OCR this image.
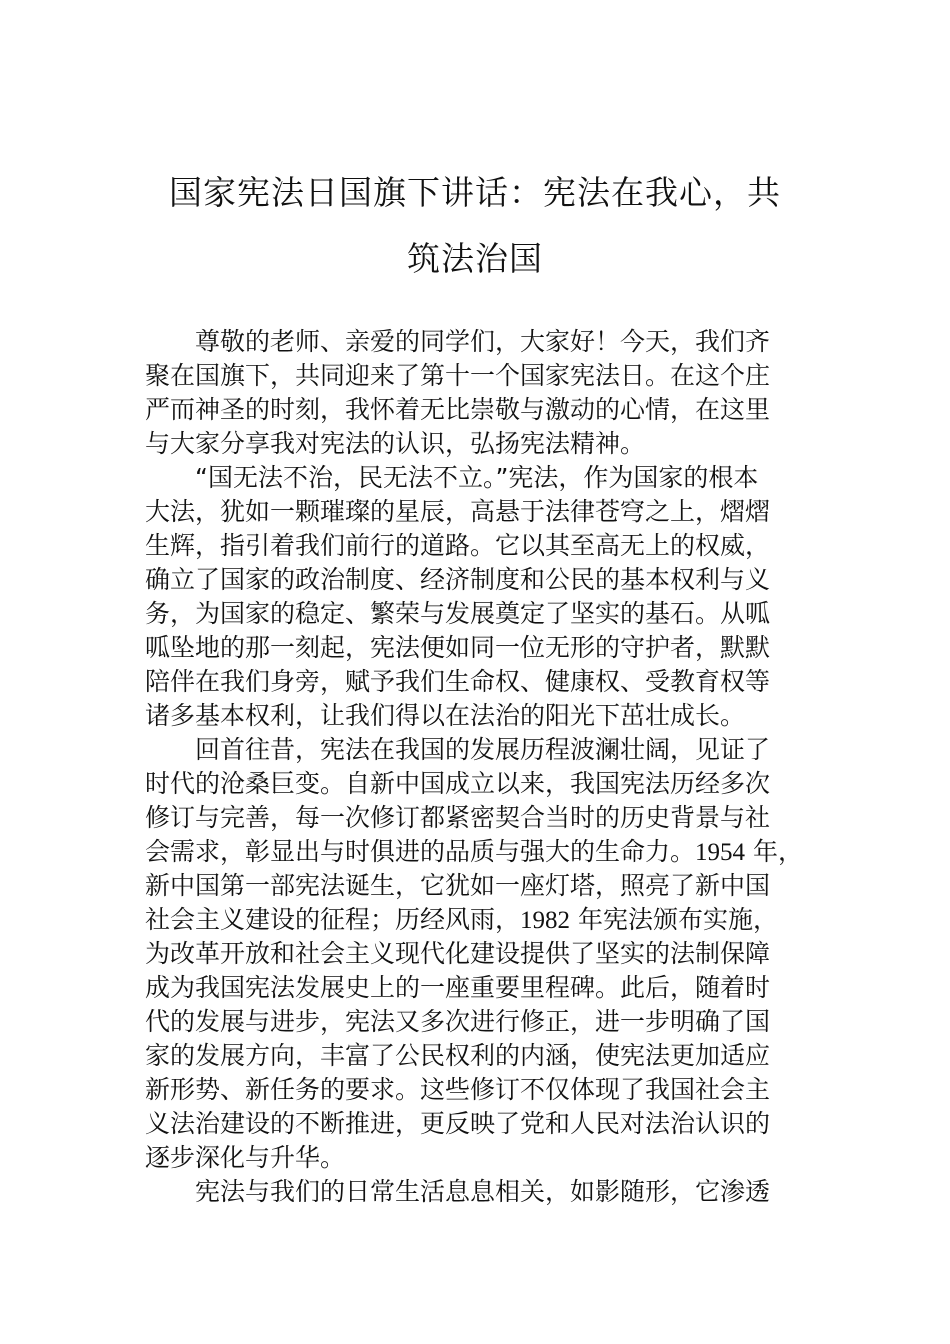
国家宪法日国旗下讲话：宪法在我心，共
筑法治国
尊敬的老师、亲爱的同学们，大家好！今天，我们齐
聚在国旗下，共同迎来了第十一个国家宪法日。在这个庄
严而神圣的时刻，我怀着无比崇敬与激动的心情，在这里
与大家分享我对宪法的认识，弘扬宪法精神。
“国无法不治，民无法不立。”宪法，作为国家的根本
大法，犹如一颗璀璨的星辰，高悬于法律苍穹之上，熠熠
生辉，指引着我们前行的道路。它以其至高无上的权威，
确立了国家的政治制度、经济制度和公民的基本权利与义
务，为国家的稳定、繁荣与发展奠定了坚实的基石。从呱
呱坠地的那一刻起，宪法便如同一位无形的守护者，默默
陪伴在我们身旁，赋予我们生命权、健康权、受教育权等
诸多基本权利，让我们得以在法治的阳光下茁壮成长。
回首往昔，宪法在我国的发展历程波澜壮阔，见证了
时代的沧桑巨变。自新中国成立以来，我国宪法历经多次
修订与完善，每一次修订都紧密契合当时的历史背景与社
会需求，彰显出与时俱进的品质与强大的生命力。1954 年，
新中国第一部宪法诞生，它犹如一座灯塔，照亮了新中国
社会主义建设的征程；历经风雨，1982 年宪法颁布实施，
为改革开放和社会主义现代化建设提供了坚实的法制保障
成为我国宪法发展史上的一座重要里程碑。此后，随着时
代的发展与进步，宪法又多次进行修正，进一步明确了国
家的发展方向，丰富了公民权利的内涵，使宪法更加适应
新形势、新任务的要求。这些修订不仅体现了我国社会主
义法治建设的不断推进，更反映了党和人民对法治认识的
逐步深化与升华。
宪法与我们的日常生活息息相关，如影随形，它渗透
